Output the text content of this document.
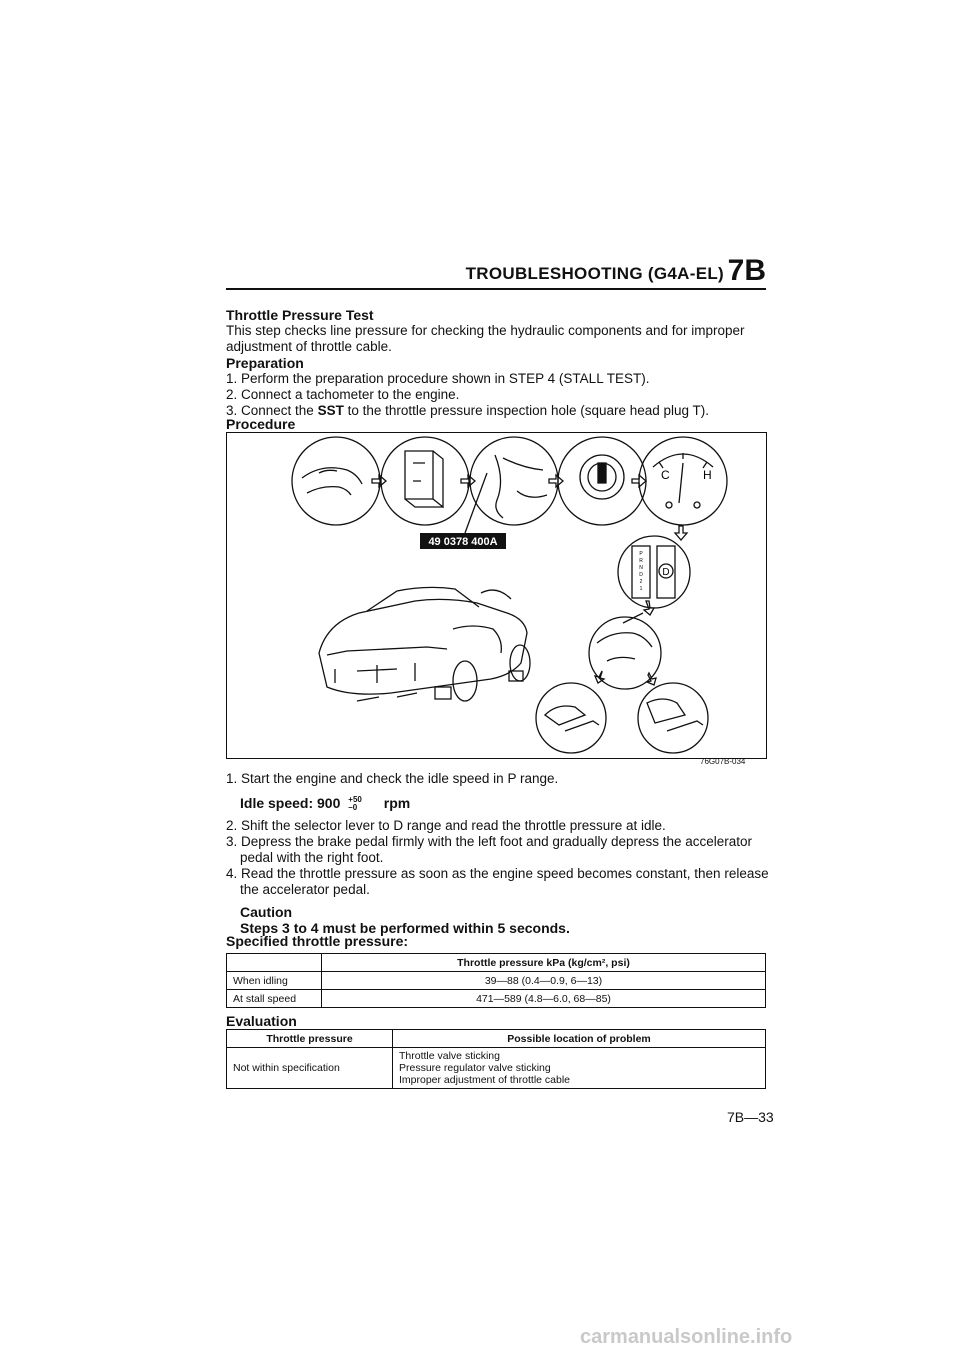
TROUBLESHOOTING (G4A-EL) 7B
Throttle Pressure Test
This step checks line pressure for checking the hydraulic components and for improper adjustment of throttle cable.
Preparation
1. Perform the preparation procedure shown in STEP 4 (STALL TEST).
2. Connect a tachometer to the engine.
3. Connect the SST to the throttle pressure inspection hole (square head plug T).
Procedure
49 0378 400A
C	H
D
P
R
N
D
2
1
76G07B-034
1. Start the engine and check the idle speed in P range.
Idle speed: 900 +50
–0 rpm
2. Shift the selector lever to D range and read the throttle pressure at idle.
3. Depress the brake pedal firmly with the left foot and gradually depress the accelerator pedal with the right foot.
4. Read the throttle pressure as soon as the engine speed becomes constant, then release the accelerator pedal.
Caution
Steps 3 to 4 must be performed within 5 seconds.
Specified throttle pressure:
	Throttle pressure kPa (kg/cm², psi)
When idling	39—88 (0.4—0.9, 6—13)
At stall speed	471—589 (4.8—6.0, 68—85)
Evaluation
Throttle pressure	Possible location of problem
Not within specification	Throttle valve sticking
Pressure regulator valve sticking
Improper adjustment of throttle cable
7B—33
carmanualsonline.info
